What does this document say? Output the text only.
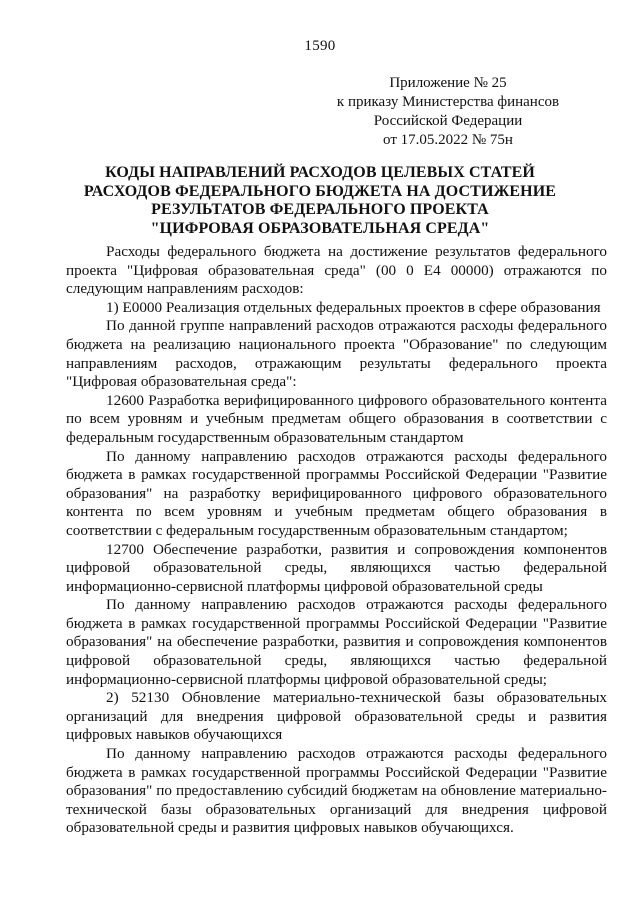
1590
Приложение № 25
к приказу Министерства финансов
Российской Федерации
от 17.05.2022 № 75н
КОДЫ НАПРАВЛЕНИЙ РАСХОДОВ ЦЕЛЕВЫХ СТАТЕЙ
РАСХОДОВ ФЕДЕРАЛЬНОГО БЮДЖЕТА НА ДОСТИЖЕНИЕ
РЕЗУЛЬТАТОВ ФЕДЕРАЛЬНОГО ПРОЕКТА
"ЦИФРОВАЯ ОБРАЗОВАТЕЛЬНАЯ СРЕДА"

Расходы федерального бюджета на достижение результатов федерального проекта "Цифровая образовательная среда" (00 0 Е4 00000) отражаются по следующим направлениям расходов:

1) Е0000 Реализация отдельных федеральных проектов в сфере образования

По данной группе направлений расходов отражаются расходы федерального бюджета на реализацию национального проекта "Образование" по следующим направлениям расходов, отражающим результаты федерального проекта "Цифровая образовательная среда":

12600 Разработка верифицированного цифрового образовательного контента по всем уровням и учебным предметам общего образования в соответствии с федеральным государственным образовательным стандартом

По данному направлению расходов отражаются расходы федерального бюджета в рамках государственной программы Российской Федерации "Развитие образования" на разработку верифицированного цифрового образовательного контента по всем уровням и учебным предметам общего образования в соответствии с федеральным государственным образовательным стандартом;

12700 Обеспечение разработки, развития и сопровождения компонентов цифровой образовательной среды, являющихся частью федеральной информационно-сервисной платформы цифровой образовательной среды

По данному направлению расходов отражаются расходы федерального бюджета в рамках государственной программы Российской Федерации "Развитие образования" на обеспечение разработки, развития и сопровождения компонентов цифровой образовательной среды, являющихся частью федеральной информационно-сервисной платформы цифровой образовательной среды;

2) 52130 Обновление материально-технической базы образовательных организаций для внедрения цифровой образовательной среды и развития цифровых навыков обучающихся

По данному направлению расходов отражаются расходы федерального бюджета в рамках государственной программы Российской Федерации "Развитие образования" по предоставлению субсидий бюджетам на обновление материально-технической базы образовательных организаций для внедрения цифровой образовательной среды и развития цифровых навыков обучающихся.
